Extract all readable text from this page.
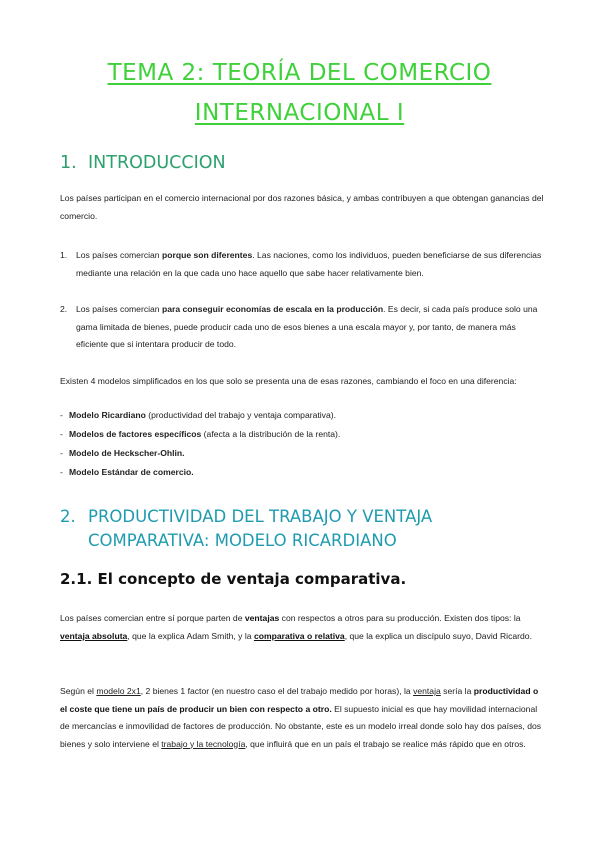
TEMA 2: TEORÍA DEL COMERCIO
INTERNACIONAL I
1. INTRODUCCION
Los países participan en el comercio internacional por dos razones básica, y ambas contribuyen a que obtengan ganancias del comercio.
1. Los países comercian porque son diferentes. Las naciones, como los individuos, pueden beneficiarse de sus diferencias mediante una relación en la que cada uno hace aquello que sabe hacer relativamente bien.
2. Los países comercian para conseguir economías de escala en la producción. Es decir, si cada país produce solo una gama limitada de bienes, puede producir cada uno de esos bienes a una escala mayor y, por tanto, de manera más eficiente que si intentara producir de todo.
Existen 4 modelos simplificados en los que solo se presenta una de esas razones, cambiando el foco en una diferencia:
- Modelo Ricardiano (productividad del trabajo y ventaja comparativa).
- Modelos de factores específicos (afecta a la distribución de la renta).
- Modelo de Heckscher-Ohlin.
- Modelo Estándar de comercio.
2. PRODUCTIVIDAD DEL TRABAJO Y VENTAJA
COMPARATIVA: MODELO RICARDIANO
2.1. El concepto de ventaja comparativa.
Los países comercian entre sí porque parten de ventajas con respectos a otros para su producción. Existen dos tipos: la ventaja absoluta, que la explica Adam Smith, y la comparativa o relativa, que la explica un discípulo suyo, David Ricardo.
Según el modelo 2x1, 2 bienes 1 factor (en nuestro caso el del trabajo medido por horas), la ventaja sería la productividad o el coste que tiene un país de producir un bien con respecto a otro. El supuesto inicial es que hay movilidad internacional de mercancías e inmovilidad de factores de producción. No obstante, este es un modelo irreal donde solo hay dos países, dos bienes y solo interviene el trabajo y la tecnología, que influirá que en un país el trabajo se realice más rápido que en otros.
